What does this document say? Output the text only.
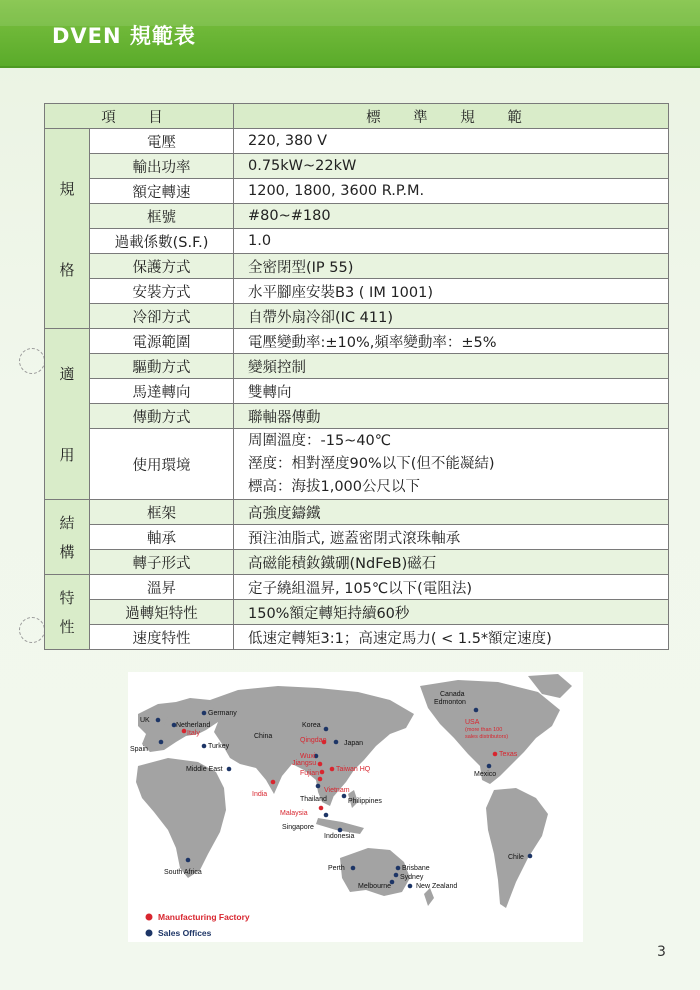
DVEN 規範表
項 目		標 準 規 範

規
格	電壓	220, 380 V
	輸出功率	0.75kW~22kW
	額定轉速	1200, 1800, 3600 R.P.M.
	框號	#80~#180
	過載係數(S.F.)	1.0
	保護方式	全密閉型(IP 55)
	安裝方式	水平腳座安裝B3 ( IM 1001)
	冷卻方式	自帶外扇冷卻(IC 411)

適
用	電源範圍	電壓變動率:±10%,頻率變動率：±5%
	驅動方式	變頻控制
	馬達轉向	雙轉向
	傳動方式	聯軸器傳動
	使用環境	周圍溫度：-15~40℃
溼度：相對溼度90%以下(但不能凝結)
標高：海拔1,000公尺以下

結
構	框架	高強度鑄鐵
	軸承	預注油脂式, 遮蓋密閉式滾珠軸承
	轉子形式	高磁能積釹鐵硼(NdFeB)磁石

特
性	溫昇	定子繞組溫昇, 105℃以下(電阻法)
	過轉矩特性	150%額定轉矩持續60秒
	速度特性	低速定轉矩3:1；高速定馬力( < 1.5*額定速度)
UK
Germany
Netherland
Italy
Spain	Turkey
Middle East
China
Korea
Qingdao	Japan
Wuxi
Jiangsu
Fujian
Taiwan HQ
Vietnam
India
Thailand	Philippines
Malaysia
Singapore
Indonesia
South Africa
Perth	Brisbane
Sydney
Melbourne	New Zealand
Canada
Edmonton
USA
(more than 100
sales distributors)
Texas
Mexico
Chile
Manufacturing Factory
Sales Offices
3
